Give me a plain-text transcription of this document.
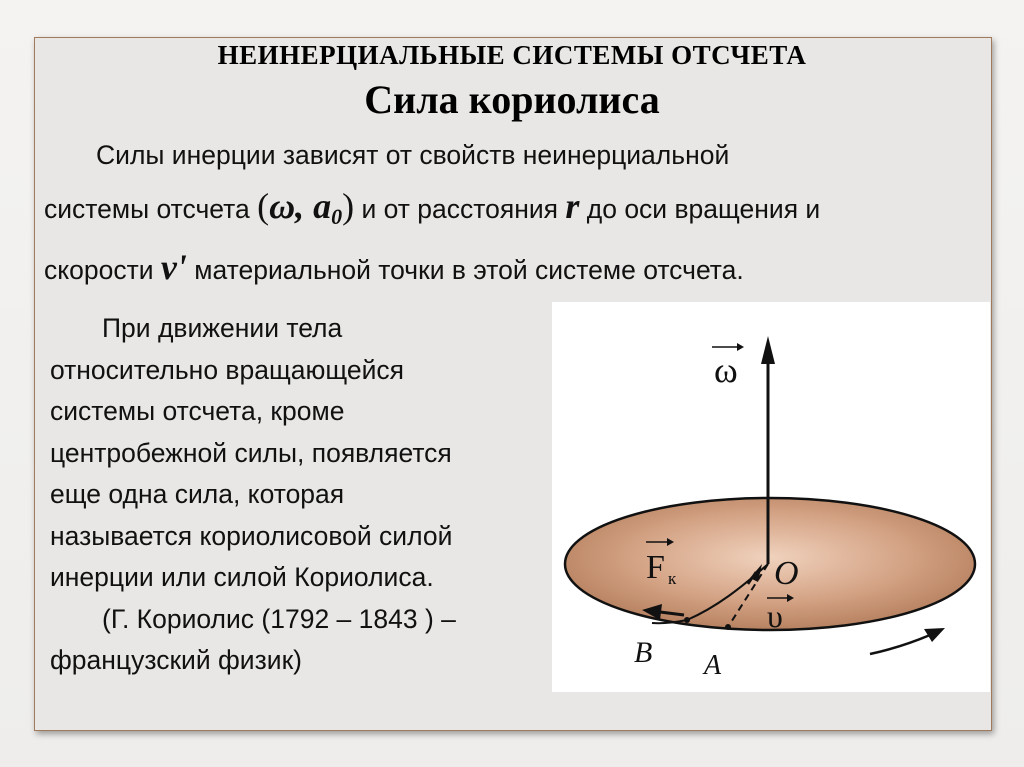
НЕИНЕРЦИАЛЬНЫЕ СИСТЕМЫ ОТСЧЕТА
Сила кориолиса
Силы инерции зависят от свойств неинерциальной
системы отсчета (ω, $a_0$) и от расстояния r до оси вращения и
скорости v' материальной точки в этой системе отсчета.
При движении тела
относительно вращающейся
системы отсчета, кроме
центробежной силы, появляется
еще одна сила, которая
называется кориолисовой силой
инерции или силой Кориолиса.
(Г. Кориолис (1792 – 1843 ) –
французский физик)
ω
F к	O
υ
B A
